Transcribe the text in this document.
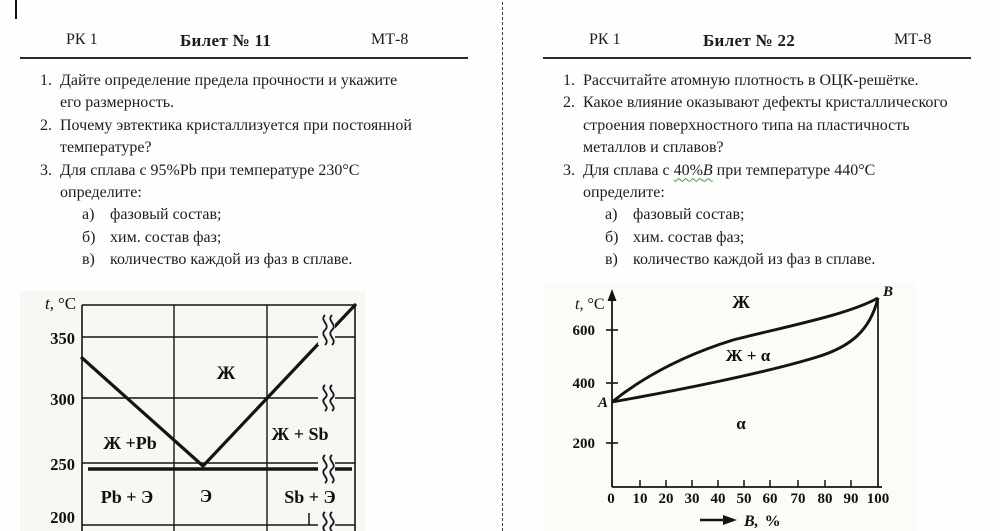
РК 1	Билет № 11	МТ-8
1. Дайте определение предела прочности и укажите его размерность.
2. Почему эвтектика кристаллизуется при постоянной температуре?
3. Для сплава с 95%Pb при температуре 230°С определите:
а) фазовый состав;
б) хим. состав фаз;
в) количество каждой из фаз в сплаве.
t, °C
350
300
250
200
Ж
Ж +Pb	Ж + Sb
Pb + Э	Э	Sb + Э
РК 1	Билет № 22	МТ-8
1. Рассчитайте атомную плотность в ОЦК-решётке.
2. Какое влияние оказывают дефекты кристаллического строения поверхностного типа на пластичность металлов и сплавов?
3. Для сплава с 40%B при температуре 440°С определите:
а) фазовый состав;
б) хим. состав фаз;
в) количество каждой из фаз в сплаве.
t, °C
600
400
200
0 10 20 30 40 50 60 70 80 90 100
B, %
A
B
Ж
Ж + α
α
